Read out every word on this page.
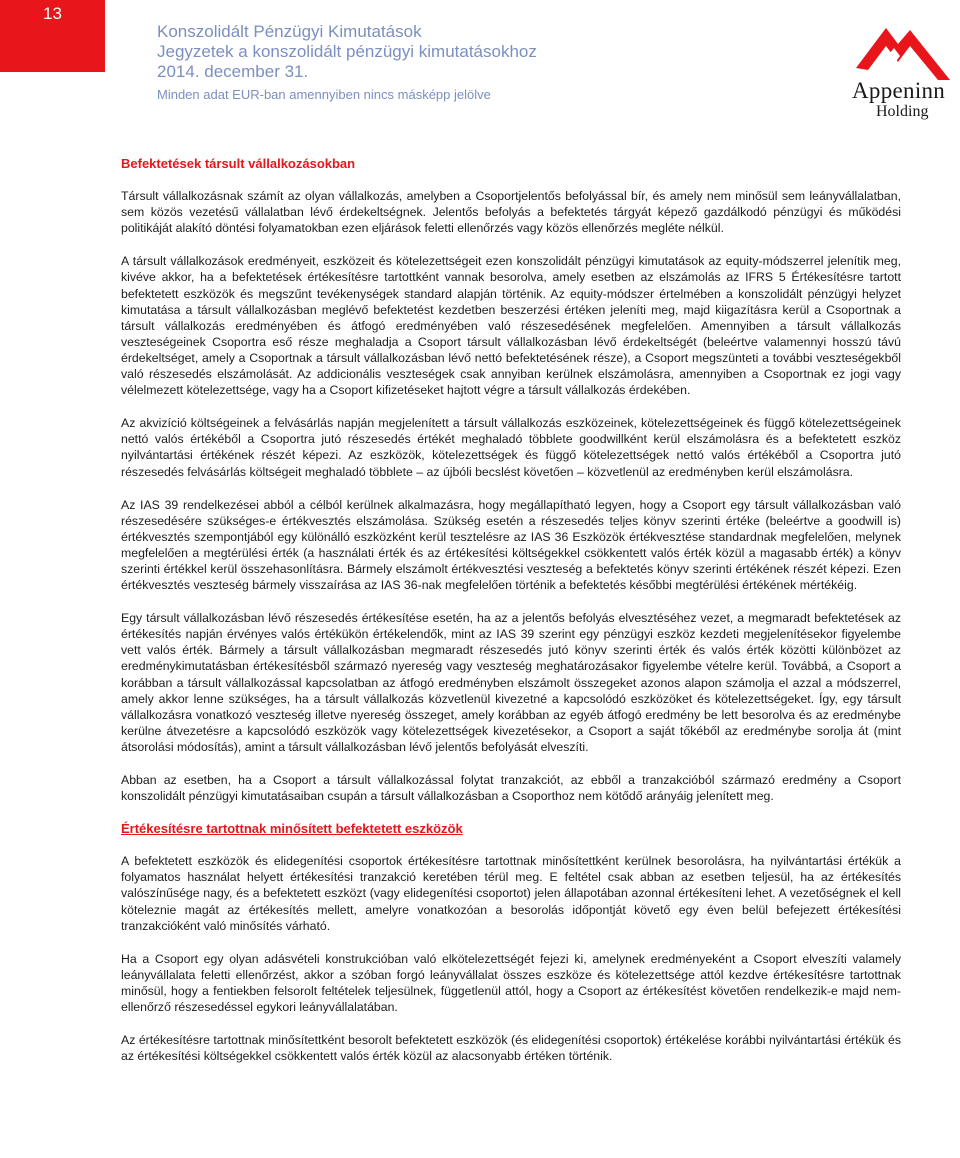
13
Konszolidált Pénzügyi Kimutatások
Jegyzetek a konszolidált pénzügyi kimutatásokhoz
2014. december 31.
Minden adat EUR-ban amennyiben nincs másképp jelölve	Appeninn
Holding
Befektetések társult vállalkozásokban

Társult vállalkozásnak számít az olyan vállalkozás, amelyben a Csoportjelentős befolyással bír, és amely nem minősül sem leányvállalatban, sem közös vezetésű vállalatban lévő érdekeltségnek. Jelentős befolyás a befektetés tárgyát képező gazdálkodó pénzügyi és működési politikáját alakító döntési folyamatokban ezen eljárások feletti ellenőrzés vagy közös ellenőrzés megléte nélkül.

A társult vállalkozások eredményeit, eszközeit és kötelezettségeit ezen konszolidált pénzügyi kimutatások az equity-módszerrel jelenítik meg, kivéve akkor, ha a befektetések értékesítésre tartottként vannak besorolva, amely esetben az elszámolás az IFRS 5 Értékesítésre tartott befektetett eszközök és megszűnt tevékenységek standard alapján történik. Az equity-módszer értelmében a konszolidált pénzügyi helyzet kimutatása a társult vállalkozásban meglévő befektetést kezdetben beszerzési értéken jeleníti meg, majd kiigazításra kerül a Csoportnak a társult vállalkozás eredményében és átfogó eredményében való részesedésének megfelelően. Amennyiben a társult vállalkozás veszteségeinek Csoportra eső része meghaladja a Csoport társult vállalkozásban lévő érdekeltségét (beleértve valamennyi hosszú távú érdekeltséget, amely a Csoportnak a társult vállalkozásban lévő nettó befektetésének része), a Csoport megszünteti a további veszteségekből való részesedés elszámolását. Az addicionális veszteségek csak annyiban kerülnek elszámolásra, amennyiben a Csoportnak ez jogi vagy vélelmezett kötelezettsége, vagy ha a Csoport kifizetéseket hajtott végre a társult vállalkozás érdekében.

Az akvizíció költségeinek a felvásárlás napján megjelenített a társult vállalkozás eszközeinek, kötelezettségeinek és függő kötelezettségeinek nettó valós értékéből a Csoportra jutó részesedés értékét meghaladó többlete goodwillként kerül elszámolásra és a befektetett eszköz nyilvántartási értékének részét képezi. Az eszközök, kötelezettségek és függő kötelezettségek nettó valós értékéből a Csoportra jutó részesedés felvásárlás költségeit meghaladó többlete – az újbóli becslést követően – közvetlenül az eredményben kerül elszámolásra.

Az IAS 39 rendelkezései abból a célból kerülnek alkalmazásra, hogy megállapítható legyen, hogy a Csoport egy társult vállalkozásban való részesedésére szükséges-e értékvesztés elszámolása. Szükség esetén a részesedés teljes könyv szerinti értéke (beleértve a goodwill is) értékvesztés szempontjából egy különálló eszközként kerül tesztelésre az IAS 36 Eszközök értékvesztése standardnak megfelelően, melynek megfelelően a megtérülési érték (a használati érték és az értékesítési költségekkel csökkentett valós érték közül a magasabb érték) a könyv szerinti értékkel kerül összehasonlításra. Bármely elszámolt értékvesztési veszteség a befektetés könyv szerinti értékének részét képezi. Ezen értékvesztés veszteség bármely visszaírása az IAS 36-nak megfelelően történik a befektetés későbbi megtérülési értékének mértékéig.

Egy társult vállalkozásban lévő részesedés értékesítése esetén, ha az a jelentős befolyás elvesztéséhez vezet, a megmaradt befektetések az értékesítés napján érvényes valós értékükön értékelendők, mint az IAS 39 szerint egy pénzügyi eszköz kezdeti megjelenítésekor figyelembe vett valós érték. Bármely a társult vállalkozásban megmaradt részesedés jutó könyv szerinti érték és valós érték közötti különbözet az eredménykimutatásban értékesítésből származó nyereség vagy veszteség meghatározásakor figyelembe vételre kerül. Továbbá, a Csoport a korábban a társult vállalkozással kapcsolatban az átfogó eredményben elszámolt összegeket azonos alapon számolja el azzal a módszerrel, amely akkor lenne szükséges, ha a társult vállalkozás közvetlenül kivezetné a kapcsolódó eszközöket és kötelezettségeket. Így, egy társult vállalkozásra vonatkozó veszteség illetve nyereség összeget, amely korábban az egyéb átfogó eredmény be lett besorolva és az eredménybe kerülne átvezetésre a kapcsolódó eszközök vagy kötelezettségek kivezetésekor, a Csoport a saját tőkéből az eredménybe sorolja át (mint átsorolási módosítás), amint a társult vállalkozásban lévő jelentős befolyását elveszíti.

Abban az esetben, ha a Csoport a társult vállalkozással folytat tranzakciót, az ebből a tranzakcióból származó eredmény a Csoport konszolidált pénzügyi kimutatásaiban csupán a társult vállalkozásban a Csoporthoz nem kötődő arányáig jelenített meg.

Értékesítésre tartottnak minősített befektetett eszközök

A befektetett eszközök és elidegenítési csoportok értékesítésre tartottnak minősítettként kerülnek besorolásra, ha nyilvántartási értékük a folyamatos használat helyett értékesítési tranzakció keretében térül meg. E feltétel csak abban az esetben teljesül, ha az értékesítés valószínűsége nagy, és a befektetett eszközt (vagy elidegenítési csoportot) jelen állapotában azonnal értékesíteni lehet. A vezetőségnek el kell köteleznie magát az értékesítés mellett, amelyre vonatkozóan a besorolás időpontját követő egy éven belül befejezett értékesítési tranzakcióként való minősítés várható.

Ha a Csoport egy olyan adásvételi konstrukcióban való elkötelezettségét fejezi ki, amelynek eredményeként a Csoport elveszíti valamely leányvállalata feletti ellenőrzést, akkor a szóban forgó leányvállalat összes eszköze és kötelezettsége attól kezdve értékesítésre tartottnak minősül, hogy a fentiekben felsorolt feltételek teljesülnek, függetlenül attól, hogy a Csoport az értékesítést követően rendelkezik-e majd nem-ellenőrző részesedéssel egykori leányvállalatában.

Az értékesítésre tartottnak minősítettként besorolt befektetett eszközök (és elidegenítési csoportok) értékelése korábbi nyilvántartási értékük és az értékesítési költségekkel csökkentett valós érték közül az alacsonyabb értéken történik.
